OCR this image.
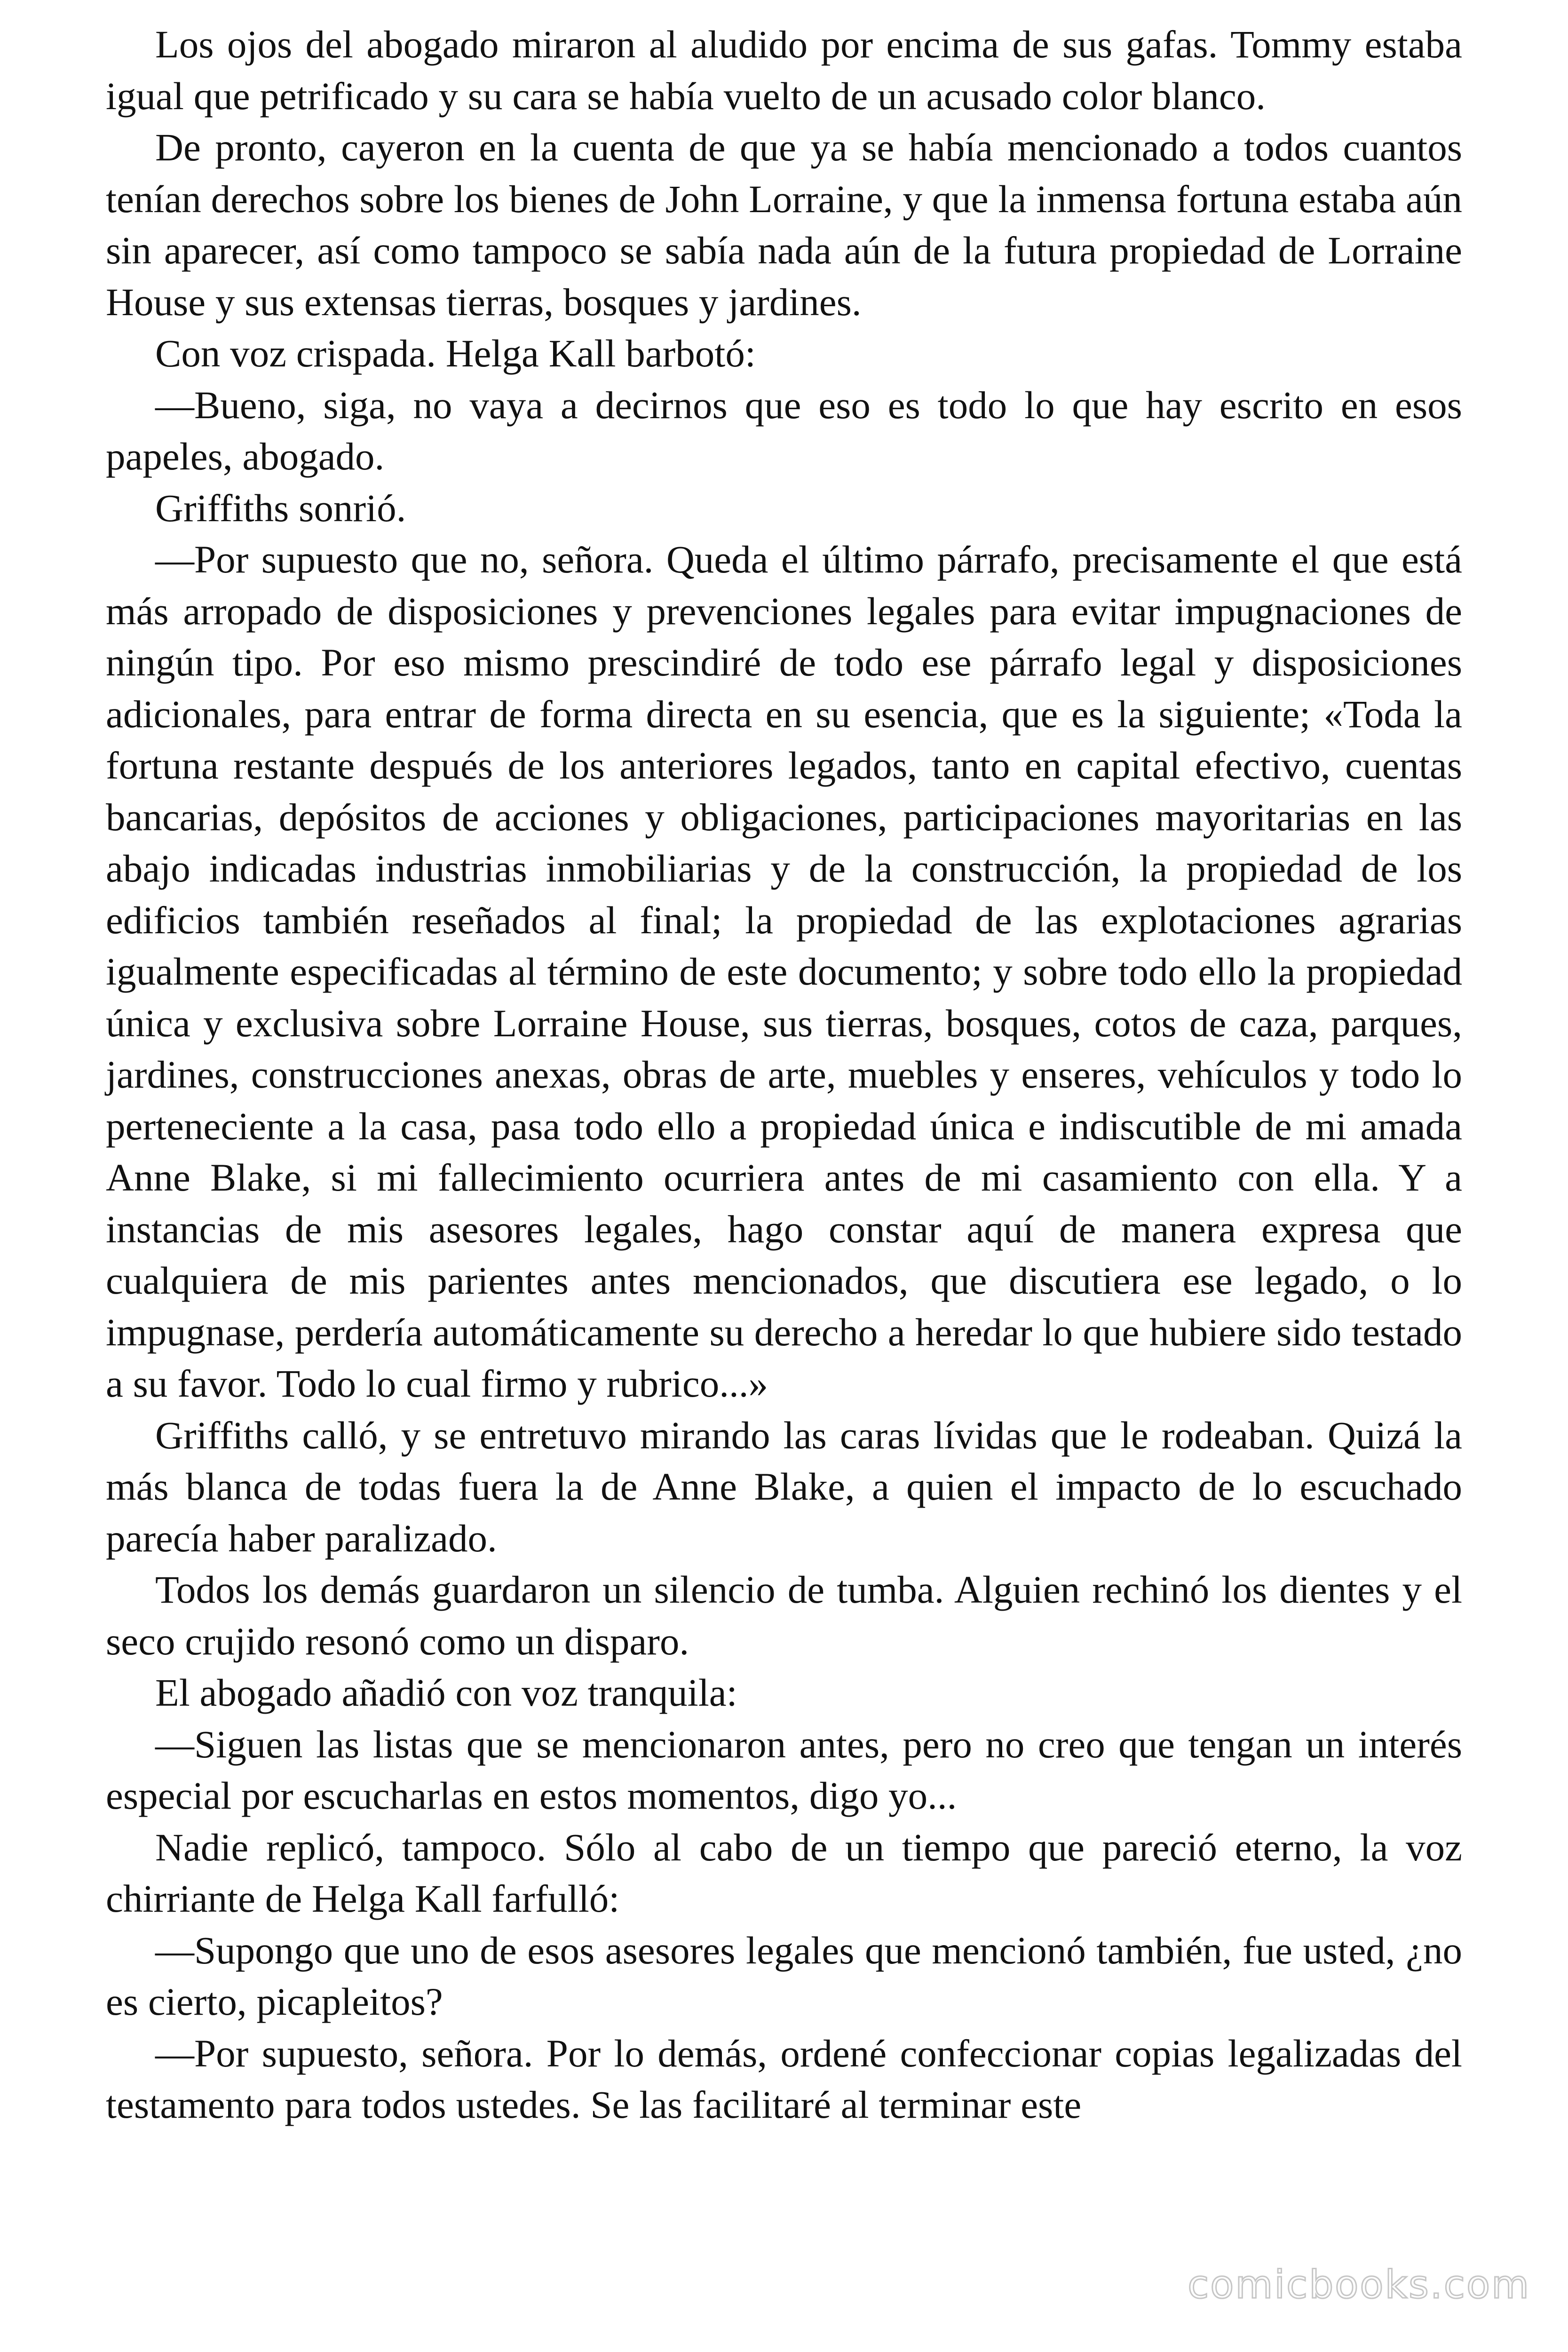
Los ojos del abogado miraron al aludido por encima de sus gafas. Tommy estaba igual que petrificado y su cara se había vuelto de un acusado color blanco.

De pronto, cayeron en la cuenta de que ya se había mencionado a todos cuantos tenían derechos sobre los bienes de John Lorraine, y que la inmensa fortuna estaba aún sin aparecer, así como tampoco se sabía nada aún de la futura propiedad de Lorraine House y sus extensas tierras, bosques y jardines.

Con voz crispada. Helga Kall barbotó:

—Bueno, siga, no vaya a decirnos que eso es todo lo que hay escrito en esos papeles, abogado.

Griffiths sonrió.

—Por supuesto que no, señora. Queda el último párrafo, precisamente el que está más arropado de disposiciones y prevenciones legales para evitar impugnaciones de ningún tipo. Por eso mismo prescindiré de todo ese párrafo legal y disposiciones adicionales, para entrar de forma directa en su esencia, que es la siguiente; «Toda la fortuna restante después de los anteriores legados, tanto en capital efectivo, cuentas bancarias, depósitos de acciones y obligaciones, participaciones mayoritarias en las abajo indicadas industrias inmobiliarias y de la construcción, la propiedad de los edificios también reseñados al final; la propiedad de las explotaciones agrarias igualmente especificadas al término de este documento; y sobre todo ello la propiedad única y exclusiva sobre Lorraine House, sus tierras, bosques, cotos de caza, parques, jardines, construcciones anexas, obras de arte, muebles y enseres, vehículos y todo lo perteneciente a la casa, pasa todo ello a propiedad única e indiscutible de mi amada Anne Blake, si mi fallecimiento ocurriera antes de mi casamiento con ella. Y a instancias de mis asesores legales, hago constar aquí de manera expresa que cualquiera de mis parientes antes mencionados, que discutiera ese legado, o lo impugnase, perdería automáticamente su derecho a heredar lo que hubiere sido testado a su favor. Todo lo cual firmo y rubrico...»

Griffiths calló, y se entretuvo mirando las caras lívidas que le rodeaban. Quizá la más blanca de todas fuera la de Anne Blake, a quien el impacto de lo escuchado parecía haber paralizado.

Todos los demás guardaron un silencio de tumba. Alguien rechinó los dientes y el seco crujido resonó como un disparo.

El abogado añadió con voz tranquila:

—Siguen las listas que se mencionaron antes, pero no creo que tengan un interés especial por escucharlas en estos momentos, digo yo...

Nadie replicó, tampoco. Sólo al cabo de un tiempo que pareció eterno, la voz chirriante de Helga Kall farfulló:

—Supongo que uno de esos asesores legales que mencionó también, fue usted, ¿no es cierto, picapleitos?

—Por supuesto, señora. Por lo demás, ordené confeccionar copias legalizadas del testamento para todos ustedes. Se las facilitaré al terminar este

comicbooks.com
